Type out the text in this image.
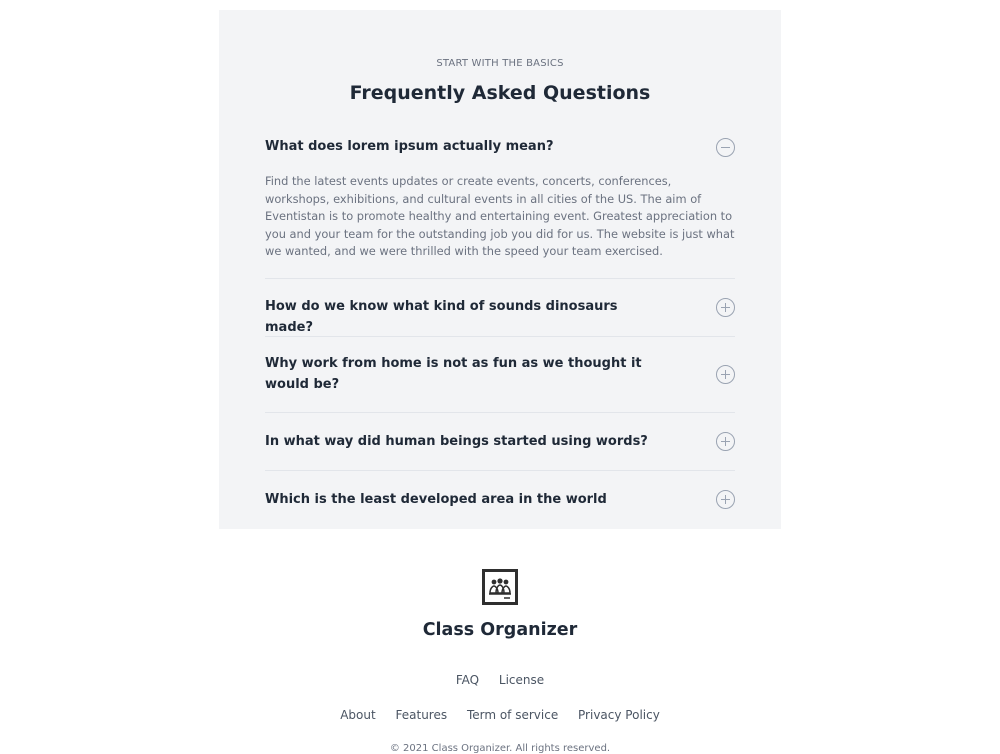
START WITH THE BASICS
Frequently Asked Questions
What does lorem ipsum actually mean?
Find the latest events updates or create events, concerts, conferences, workshops, exhibitions, and cultural events in all cities of the US. The aim of Eventistan is to promote healthy and entertaining event. Greatest appreciation to you and your team for the outstanding job you did for us. The website is just what we wanted, and we were thrilled with the speed your team exercised.
How do we know what kind of sounds dinosaurs made?
Why work from home is not as fun as we thought it would be?
In what way did human beings started using words?
Which is the least developed area in the world
Class Organizer
FAQ License
About Features Term of service Privacy Policy
© 2021 Class Organizer. All rights reserved.
